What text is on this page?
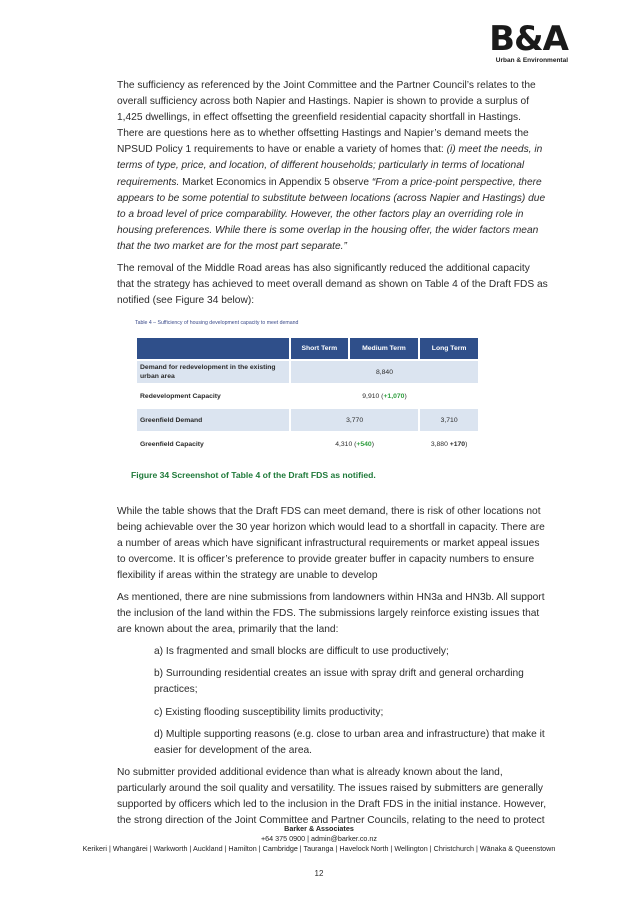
B&A
Urban & Environmental

The sufficiency as referenced by the Joint Committee and the Partner Council’s relates to the overall sufficiency across both Napier and Hastings. Napier is shown to provide a surplus of 1,425 dwellings, in effect offsetting the greenfield residential capacity shortfall in Hastings. There are questions here as to whether offsetting Hastings and Napier’s demand meets the NPSUD Policy 1 requirements to have or enable a variety of homes that: (i) meet the needs, in terms of type, price, and location, of different households; particularly in terms of locational requirements. Market Economics in Appendix 5 observe “From a price-point perspective, there appears to be some potential to substitute between locations (across Napier and Hastings) due to a broad level of price comparability. However, the other factors play an overriding role in housing preferences. While there is some overlap in the housing offer, the wider factors mean that the two market are for the most part separate.”

The removal of the Middle Road areas has also significantly reduced the additional capacity that the strategy has achieved to meet overall demand as shown on Table 4 of the Draft FDS as notified (see Figure 34 below):

Table 4 – Sufficiency of housing development capacity to meet demand
	Short Term	Medium Term	Long Term
Demand for redevelopment in the existing urban area	8,840		
Redevelopment Capacity	9,910 (+1,070)		
Greenfield Demand	3,770		3,710
Greenfield Capacity	4,310 (+540)		3,880 +170)
Figure 34 Screenshot of Table 4 of the Draft FDS as notified.

While the table shows that the Draft FDS can meet demand, there is risk of other locations not being achievable over the 30 year horizon which would lead to a shortfall in capacity. There are a number of areas which have significant infrastructural requirements or market appeal issues to overcome. It is officer’s preference to provide greater buffer in capacity numbers to ensure flexibility if areas within the strategy are unable to develop

As mentioned, there are nine submissions from landowners within HN3a and HN3b. All support the inclusion of the land within the FDS. The submissions largely reinforce existing issues that are known about the area, primarily that the land:

a) Is fragmented and small blocks are difficult to use productively;

b) Surrounding residential creates an issue with spray drift and general orcharding practices;

c) Existing flooding susceptibility limits productivity;

d) Multiple supporting reasons (e.g. close to urban area and infrastructure) that make it easier for development of the area.

No submitter provided additional evidence than what is already known about the land, particularly around the soil quality and versatility. The issues raised by submitters are generally supported by officers which led to the inclusion in the Draft FDS in the initial instance. However, the strong direction of the Joint Committee and Partner Councils, relating to the need to protect

Barker & Associates
+64 375 0900 | admin@barker.co.nz
Kerikeri | Whangārei | Warkworth | Auckland | Hamilton | Cambridge | Tauranga | Havelock North | Wellington | Christchurch | Wānaka & Queenstown
12
